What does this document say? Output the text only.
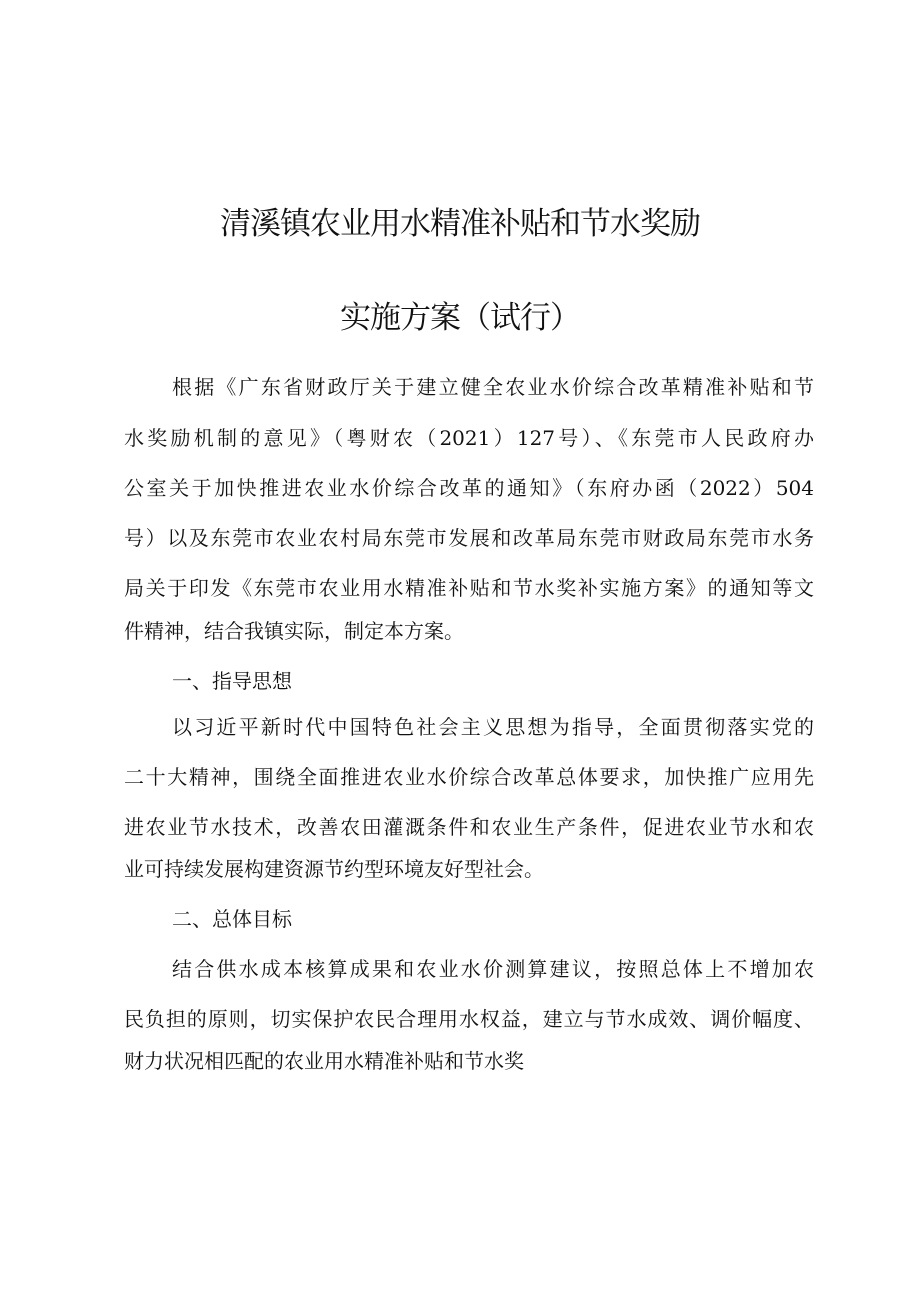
清溪镇农业用水精准补贴和节水奖励
实施方案（试行）
根据《广东省财政厅关于建立健全农业水价综合改革精准补贴和节
水奖励机制的意见》（粤财农（2021）127号）、《东莞市人民政府办
公室关于加快推进农业水价综合改革的通知》（东府办函（2022）504
号）以及东莞市农业农村局东莞市发展和改革局东莞市财政局东莞市水务
局关于印发《东莞市农业用水精准补贴和节水奖补实施方案》的通知等文
件精神，结合我镇实际，制定本方案。
一、指导思想
以习近平新时代中国特色社会主义思想为指导，全面贯彻落实党的
二十大精神，围绕全面推进农业水价综合改革总体要求，加快推广应用先
进农业节水技术，改善农田灌溉条件和农业生产条件，促进农业节水和农
业可持续发展构建资源节约型环境友好型社会。
二、总体目标
结合供水成本核算成果和农业水价测算建议，按照总体上不增加农
民负担的原则，切实保护农民合理用水权益，建立与节水成效、调价幅度、
财力状况相匹配的农业用水精准补贴和节水奖
